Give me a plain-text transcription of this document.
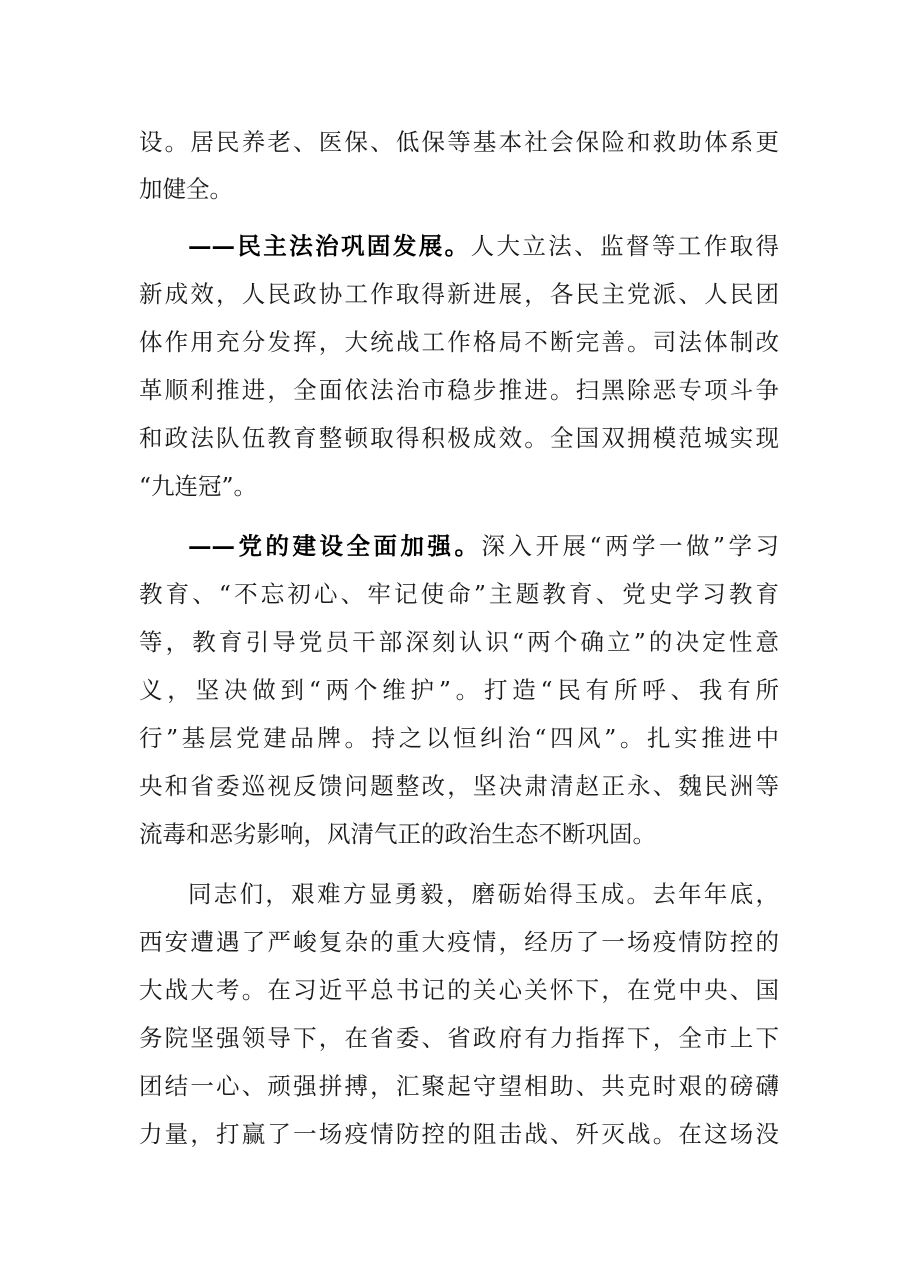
设。居民养老、医保、低保等基本社会保险和救助体系更
加健全。
——民主法治巩固发展。人大立法、监督等工作取得
新成效，人民政协工作取得新进展，各民主党派、人民团
体作用充分发挥，大统战工作格局不断完善。司法体制改
革顺利推进，全面依法治市稳步推进。扫黑除恶专项斗争
和政法队伍教育整顿取得积极成效。全国双拥模范城实现
“九连冠”。
——党的建设全面加强。深入开展“两学一做”学习
教育、“不忘初心、牢记使命”主题教育、党史学习教育
等，教育引导党员干部深刻认识“两个确立”的决定性意
义，坚决做到“两个维护”。打造“民有所呼、我有所
行”基层党建品牌。持之以恒纠治“四风”。扎实推进中
央和省委巡视反馈问题整改，坚决肃清赵正永、魏民洲等
流毒和恶劣影响，风清气正的政治生态不断巩固。
同志们，艰难方显勇毅，磨砺始得玉成。去年年底，
西安遭遇了严峻复杂的重大疫情，经历了一场疫情防控的
大战大考。在习近平总书记的关心关怀下，在党中央、国
务院坚强领导下，在省委、省政府有力指挥下，全市上下
团结一心、顽强拼搏，汇聚起守望相助、共克时艰的磅礴
力量，打赢了一场疫情防控的阻击战、歼灭战。在这场没
